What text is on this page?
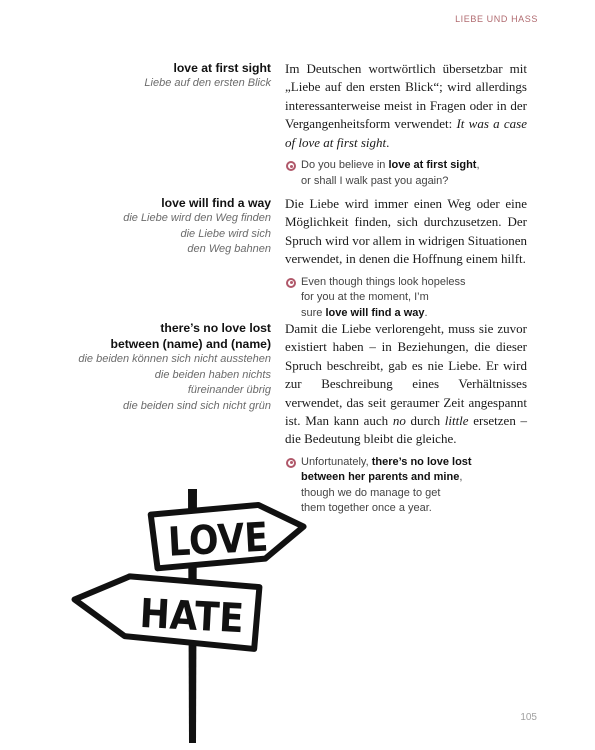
LIEBE UND HASS
love at first sight
Liebe auf den ersten Blick

Im Deutschen wortwörtlich übersetzbar mit „Liebe auf den ersten Blick“; wird allerdings interessanterweise meist in Fragen oder in der Vergangenheitsform verwendet: It was a case of love at first sight.

Do you believe in love at first sight,
or shall I walk past you again?
love will find a way
die Liebe wird den Weg finden
die Liebe wird sich
den Weg bahnen

Die Liebe wird immer einen Weg oder eine Möglichkeit finden, sich durchzusetzen. Der Spruch wird vor allem in widrigen Situationen verwendet, in denen die Hoffnung einem hilft.

Even though things look hopeless
for you at the moment, I’m
sure love will find a way.
there’s no love lost
between (name) and (name)
die beiden können sich nicht ausstehen
die beiden haben nichts
füreinander übrig
die beiden sind sich nicht grün

Damit die Liebe verlorengeht, muss sie zuvor existiert haben – in Beziehungen, die dieser Spruch beschreibt, gab es nie Liebe. Er wird zur Beschreibung eines Verhältnisses verwendet, das seit geraumer Zeit angespannt ist. Man kann auch no durch little ersetzen – die Bedeutung bleibt die gleiche.

Unfortunately, there’s no love lost
between her parents and mine,
though we do manage to get
them together once a year.
LOVE
HATE
105
